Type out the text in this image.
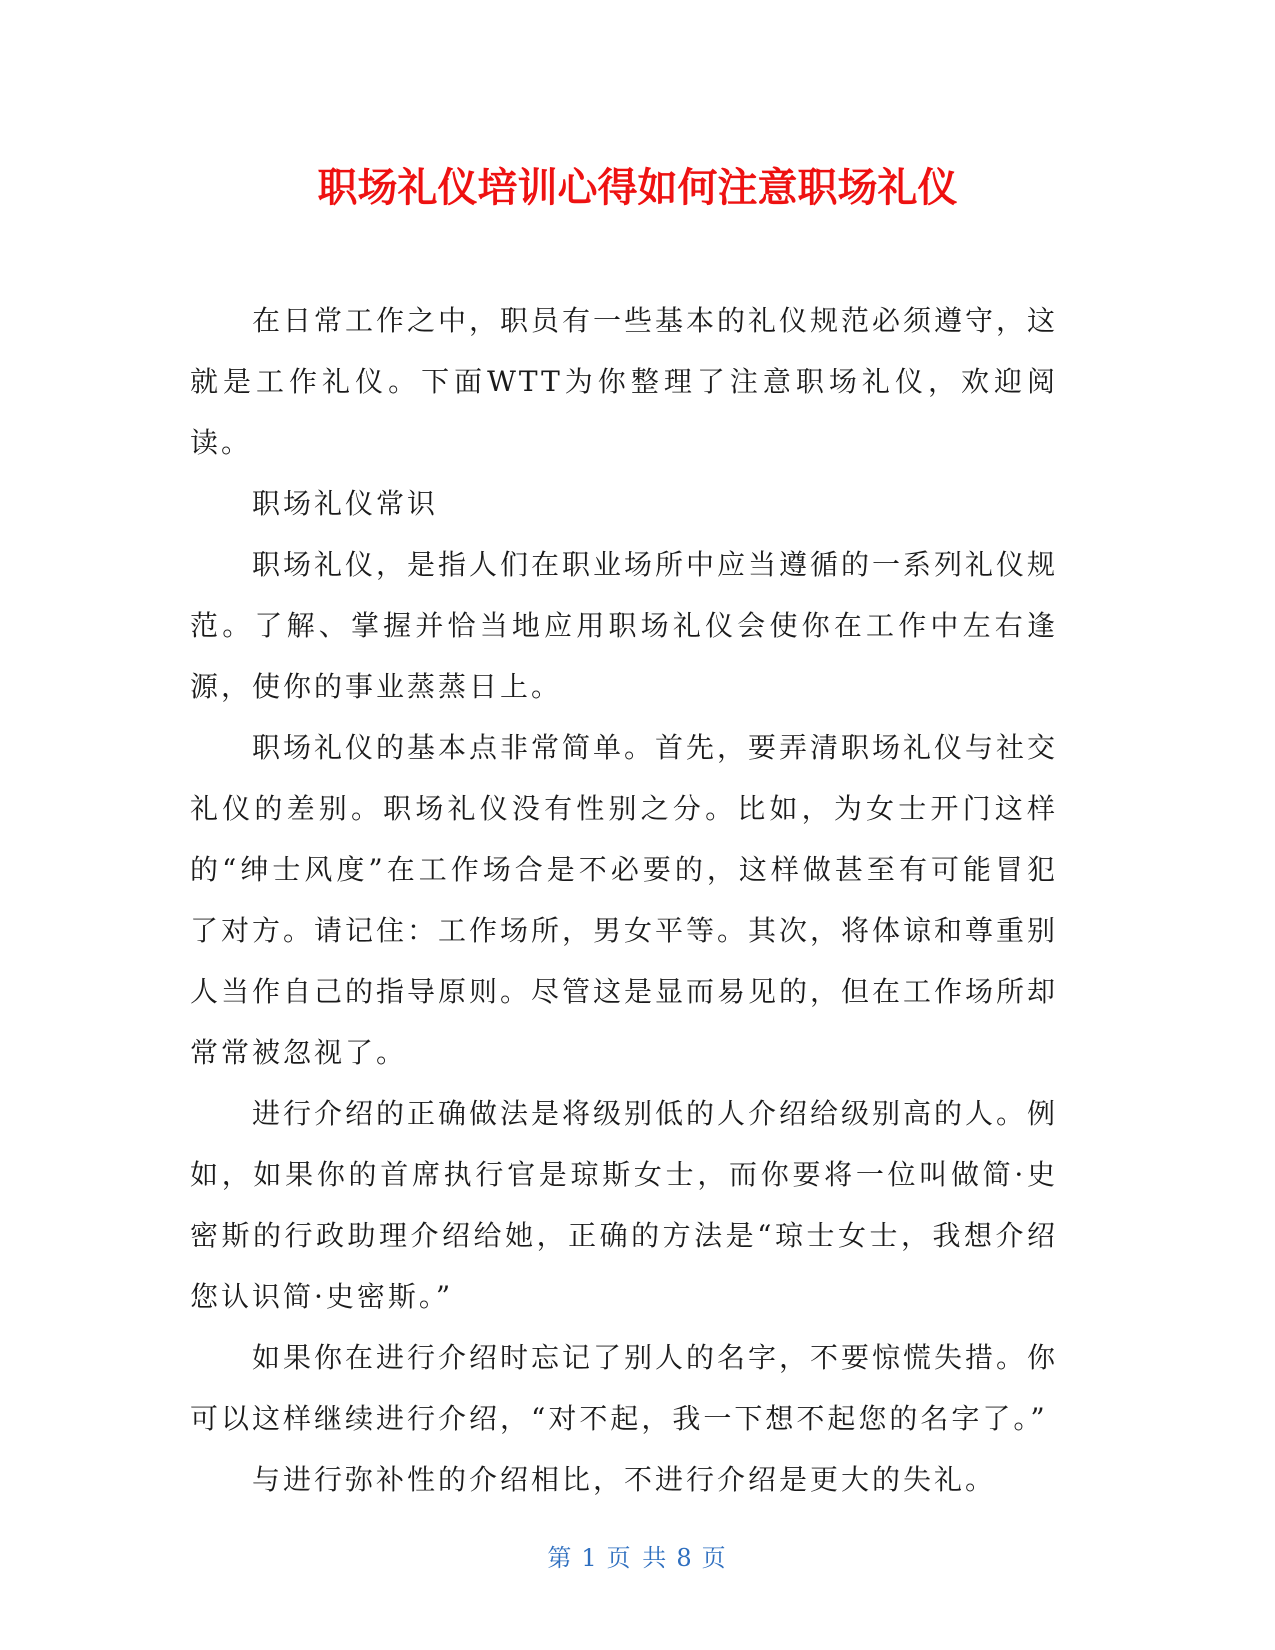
职场礼仪培训心得如何注意职场礼仪

在日常工作之中，职员有一些基本的礼仪规范必须遵守，这就是工作礼仪。下面WTT为你整理了注意职场礼仪，欢迎阅读。

职场礼仪常识

职场礼仪，是指人们在职业场所中应当遵循的一系列礼仪规范。了解、掌握并恰当地应用职场礼仪会使你在工作中左右逢源，使你的事业蒸蒸日上。

职场礼仪的基本点非常简单。首先，要弄清职场礼仪与社交礼仪的差别。职场礼仪没有性别之分。比如，为女士开门这样的“绅士风度”在工作场合是不必要的，这样做甚至有可能冒犯了对方。请记住：工作场所，男女平等。其次，将体谅和尊重别人当作自己的指导原则。尽管这是显而易见的，但在工作场所却常常被忽视了。

进行介绍的正确做法是将级别低的人介绍给级别高的人。例如，如果你的首席执行官是琼斯女士，而你要将一位叫做简·史密斯的行政助理介绍给她，正确的方法是“琼士女士，我想介绍您认识简·史密斯。”

如果你在进行介绍时忘记了别人的名字，不要惊慌失措。你可以这样继续进行介绍，“对不起，我一下想不起您的名字了。”

与进行弥补性的介绍相比，不进行介绍是更大的失礼。

第 1 页 共 8 页
